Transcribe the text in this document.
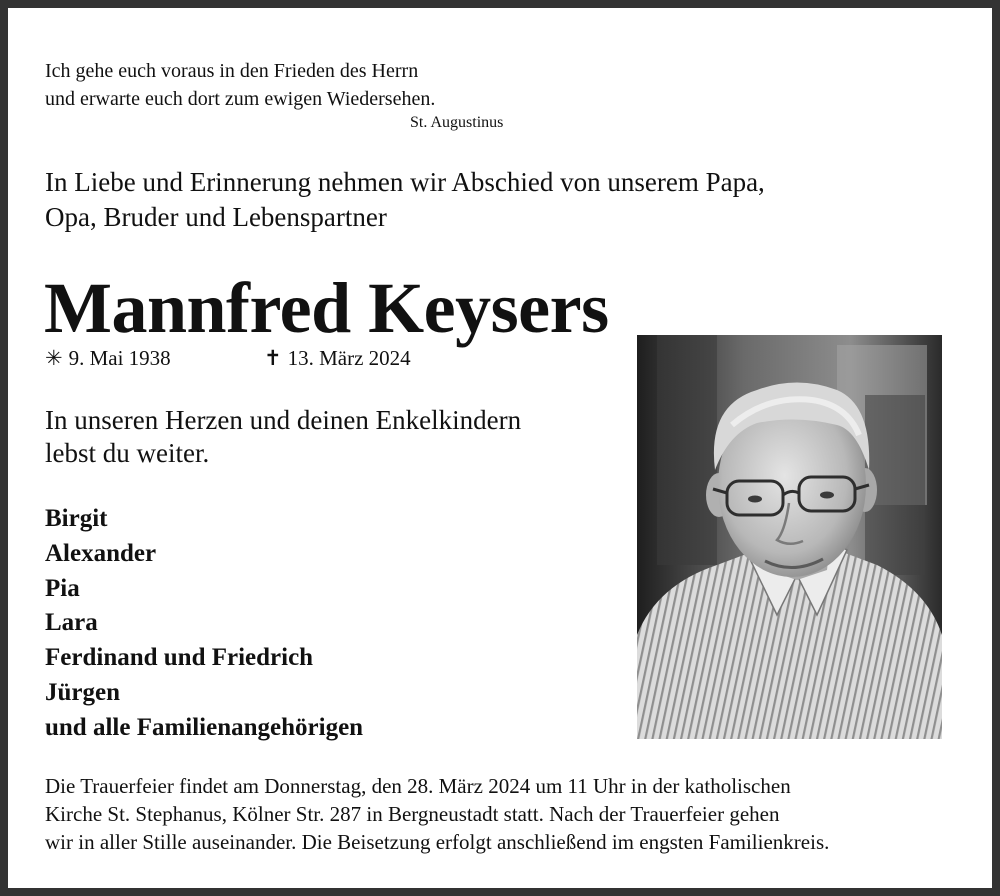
Ich gehe euch voraus in den Frieden des Herrn
und erwarte euch dort zum ewigen Wiedersehen.
St. Augustinus
In Liebe und Erinnerung nehmen wir Abschied von unserem Papa,
Opa, Bruder und Lebenspartner
Mannfred Keysers
✳ 9. Mai 1938	✝ 13. März 2024
In unseren Herzen und deinen Enkelkindern
lebst du weiter.
Birgit
Alexander
Pia
Lara
Ferdinand und Friedrich
Jürgen
und alle Familienangehörigen
Die Trauerfeier findet am Donnerstag, den 28. März 2024 um 11 Uhr in der katholischen
Kirche St. Stephanus, Kölner Str. 287 in Bergneustadt statt. Nach der Trauerfeier gehen
wir in aller Stille auseinander. Die Beisetzung erfolgt anschließend im engsten Familienkreis.
